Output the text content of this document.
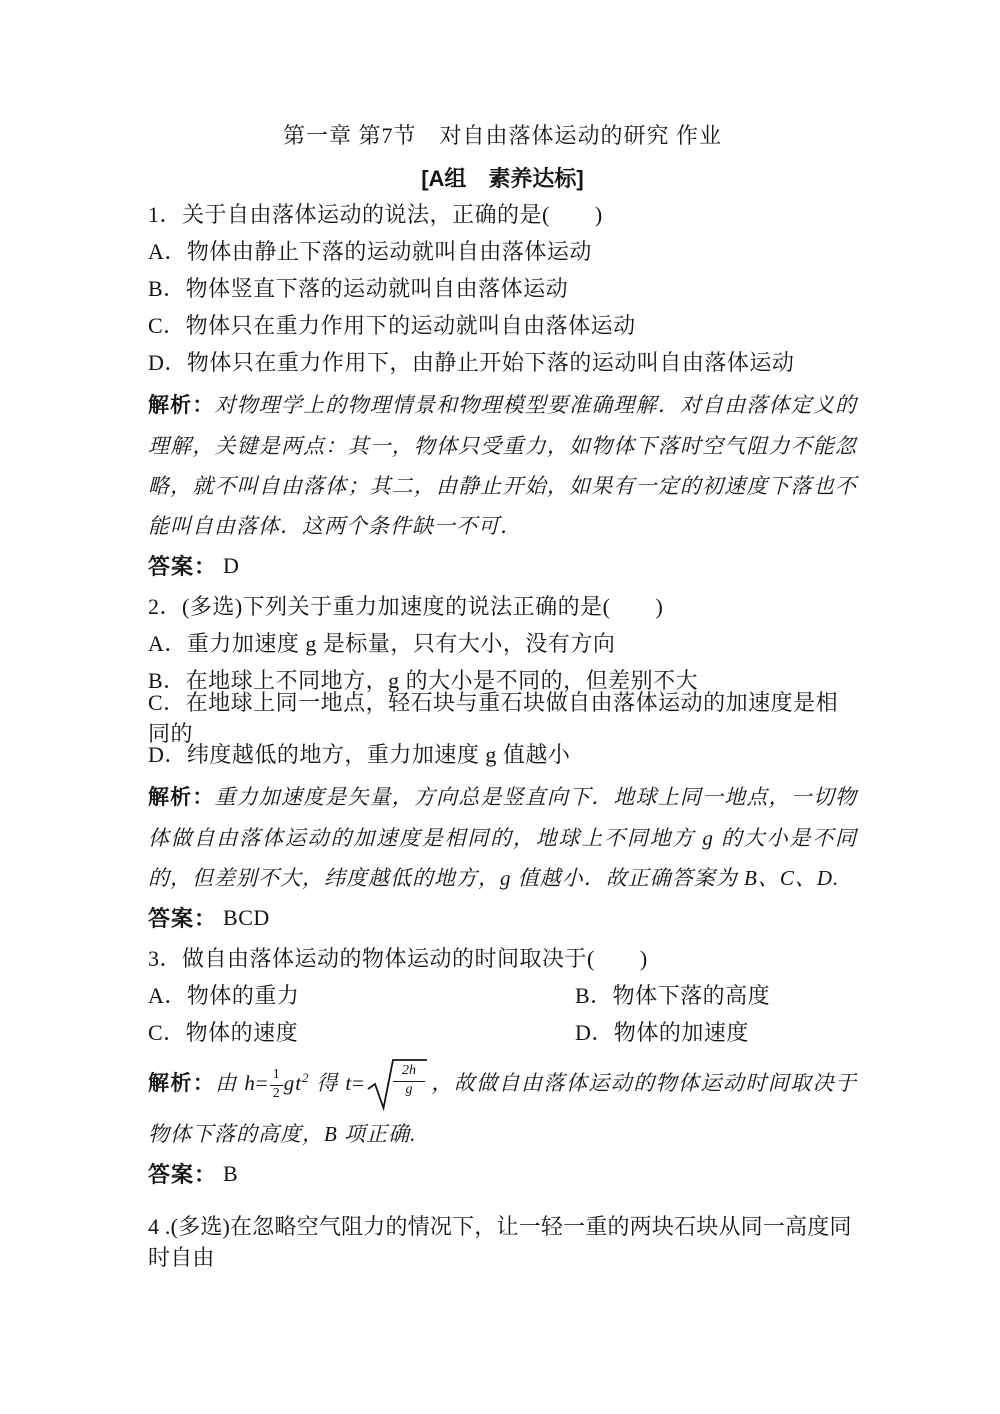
第一章 第7节　对自由落体运动的研究 作业
[A组　素养达标]
1．关于自由落体运动的说法，正确的是(　　)
A．物体由静止下落的运动就叫自由落体运动
B．物体竖直下落的运动就叫自由落体运动
C．物体只在重力作用下的运动就叫自由落体运动
D．物体只在重力作用下，由静止开始下落的运动叫自由落体运动

解析：对物理学上的物理情景和物理模型要准确理解．对自由落体定义的理解，关键是两点：其一，物体只受重力，如物体下落时空气阻力不能忽略，就不叫自由落体；其二，由静止开始，如果有一定的初速度下落也不能叫自由落体．这两个条件缺一不可．

答案： D
2．(多选)下列关于重力加速度的说法正确的是(　　)
A．重力加速度 g 是标量，只有大小，没有方向
B．在地球上不同地方，g 的大小是不同的，但差别不大
C．在地球上同一地点，轻石块与重石块做自由落体运动的加速度是相同的
D．纬度越低的地方，重力加速度 g 值越小

解析：重力加速度是矢量，方向总是竖直向下．地球上同一地点，一切物体做自由落体运动的加速度是相同的，地球上不同地方 g 的大小是不同的，但差别不大，纬度越低的地方，g 值越小．故正确答案为 B、C、D.

答案： BCD
3．做自由落体运动的物体运动的时间取决于(　　)
A．物体的重力	B．物体下落的高度
C．物体的速度	D．物体的加速度

解析：由 $h= \frac{1}{2} gt^2$ 得 $t= \frac{2h}{g}$ ，故做自由落体运动的物体运动时间取决于物体下落的高度，B 项正确.

答案： B
4 .(多选)在忽略空气阻力的情况下，让一轻一重的两块石块从同一高度同时自由
